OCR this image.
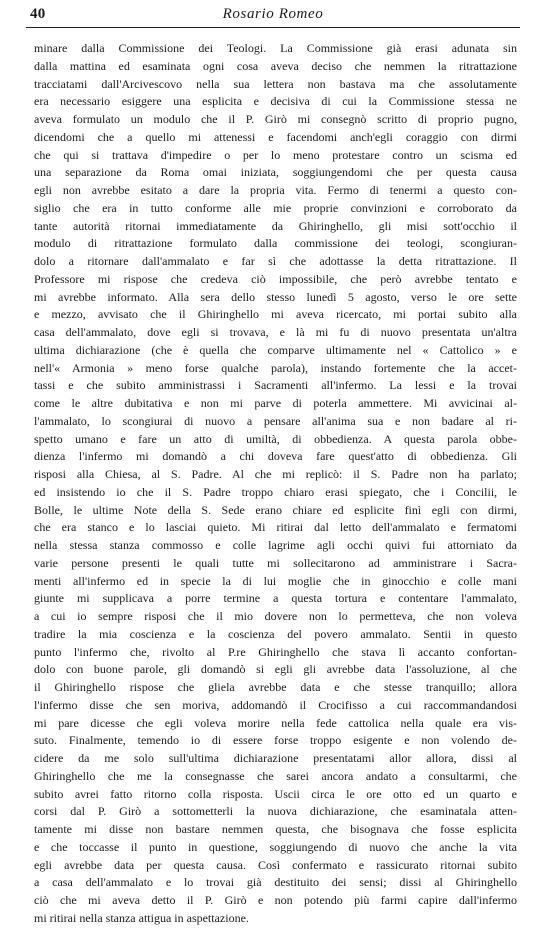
40	Rosario Romeo
minare dalla Commissione dei Teologi. La Commissione già erasi adunata sin
dalla mattina ed esaminata ogni cosa aveva deciso che nemmen la ritrattazione
tracciatami dall'Arcivescovo nella sua lettera non bastava ma che assolutamente
era necessario esiggere una esplicita e decisiva di cui la Commissione stessa ne
aveva formulato un modulo che il P. Girò mi consegnò scritto di proprio pugno,
dicendomi che a quello mi attenessi e facendomi anch'egli coraggio con dirmi
che qui si trattava d'impedire o per lo meno protestare contro un scisma ed
una separazione da Roma omai iniziata, soggiungendomi che per questa causa
egli non avrebbe esitato a dare la propria vita. Fermo di tenermi a questo con-
siglio che era in tutto conforme alle mie proprie convinzioni e corroborato da
tante autorità ritornai immediatamente da Ghiringhello, gli misi sott'occhio il
modulo di ritrattazione formulato dalla commissione dei teologi, scongiuran-
dolo a ritornare dall'ammalato e far sì che adottasse la detta ritrattazione. Il
Professore mi rispose che credeva ciò impossibile, che però avrebbe tentato e
mi avrebbe informato. Alla sera dello stesso lunedì 5 agosto, verso le ore sette
e mezzo, avvisato che il Ghiringhello mi aveva ricercato, mi portai subito alla
casa dell'ammalato, dove egli si trovava, e là mi fu di nuovo presentata un'altra
ultima dichiarazione (che è quella che comparve ultimamente nel « Cattolico » e
nell'« Armonia » meno forse qualche parola), instando fortemente che la accet-
tassi e che subito amministrassi i Sacramenti all'infermo. La lessi e la trovai
come le altre dubitativa e non mi parve di poterla ammettere. Mi avvicinai al-
l'ammalato, lo scongiurai di nuovo a pensare all'anima sua e non badare al ri-
spetto umano e fare un atto di umiltà, di obbedienza. A questa parola obbe-
dienza l'infermo mi domandò a chi doveva fare quest'atto di obbedienza. Gli
risposi alla Chiesa, al S. Padre. Al che mi replicò: il S. Padre non ha parlato;
ed insistendo io che il S. Padre troppo chiaro erasi spiegato, che i Concilii, le
Bolle, le ultime Note della S. Sede erano chiare ed esplicite finì egli con dirmi,
che era stanco e lo lasciai quieto. Mi ritirai dal letto dell'ammalato e fermatomi
nella stessa stanza commosso e colle lagrime agli occhi quivi fui attorniato da
varie persone presenti le quali tutte mi sollecitarono ad amministrare i Sacra-
menti all'infermo ed in specie la di lui moglie che in ginocchio e colle mani
giunte mi supplicava a porre termine a questa tortura e contentare l'ammalato,
a cui io sempre risposi che il mio dovere non lo permetteva, che non voleva
tradire la mia coscienza e la coscienza del povero ammalato. Sentii in questo
punto l'infermo che, rivolto al P.re Ghiringhello che stava lì accanto confortan-
dolo con buone parole, gli domandò si egli gli avrebbe data l'assoluzione, al che
il Ghiringhello rispose che gliela avrebbe data e che stesse tranquillo; allora
l'infermo disse che sen moriva, addomandò il Crocifisso a cui raccommandandosi
mi pare dicesse che egli voleva morire nella fede cattolica nella quale era vis-
suto. Finalmente, temendo io di essere forse troppo esigente e non volendo de-
cidere da me solo sull'ultima dichiarazione presentatami allor allora, dissi al
Ghiringhello che me la consegnasse che sarei ancora andato a consultarmi, che
subito avrei fatto ritorno colla risposta. Uscii circa le ore otto ed un quarto e
corsi dal P. Girò a sottometterli la nuova dichiarazione, che esaminatala atten-
tamente mi disse non bastare nemmen questa, che bisognava che fosse esplicita
e che toccasse il punto in questione, soggiungendo di nuovo che anche la vita
egli avrebbe data per questa causa. Così confermato e rassicurato ritornai subito
a casa dell'ammalato e lo trovai già destituito dei sensi; dissi al Ghiringhello
ciò che mi aveva detto il P. Girò e non potendo più farmi capire dall'infermo
mi ritirai nella stanza attigua in aspettazione.
